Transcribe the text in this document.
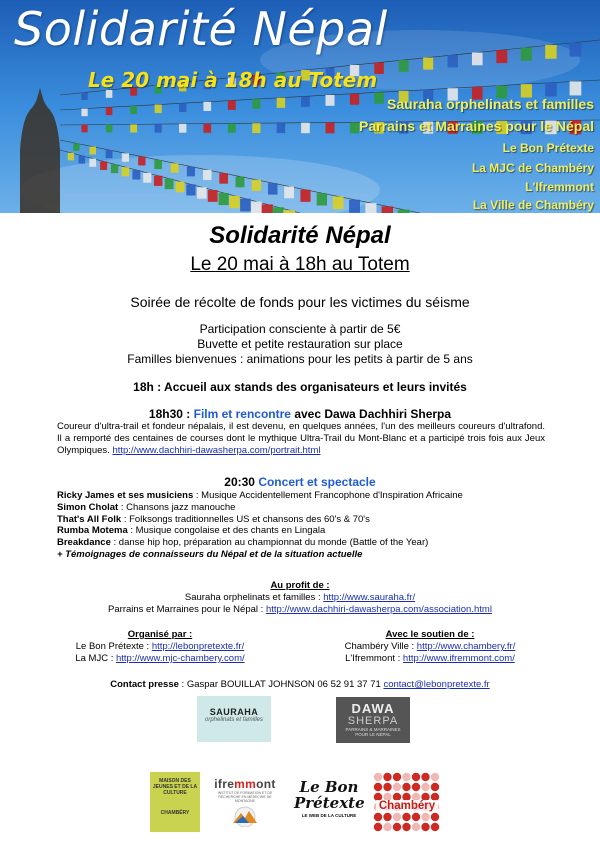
Solidarité Népal
Le 20 mai à 18h au Totem
Sauraha orphelinats et familles
Parrains et Marraines pour le Népal
Le Bon Prétexte
La MJC de Chambéry
L'Ifremmont
La Ville de Chambéry
Solidarité Népal
Le 20 mai à 18h au Totem
Soirée de récolte de fonds pour les victimes du séisme
Participation consciente à partir de 5€
Buvette et petite restauration sur place
Familles bienvenues : animations pour les petits à partir de 5 ans
18h : Accueil aux stands des organisateurs et leurs invités
18h30 : Film et rencontre avec Dawa Dachhiri Sherpa
Coureur d'ultra-trail et fondeur népalais, il est devenu, en quelques années, l'un des meilleurs coureurs d'ultrafond. Il a remporté des centaines de courses dont le mythique Ultra-Trail du Mont-Blanc et a participé trois fois aux Jeux Olympiques. http://www.dachhiri-dawasherpa.com/portrait.html
20:30 Concert et spectacle
Ricky James et ses musiciens : Musique Accidentellement Francophone d'Inspiration Africaine
Simon Cholat : Chansons jazz manouche
That's All Folk : Folksongs traditionnelles US et chansons des 60's & 70's
Rumba Motema : Musique congolaise et des chants en Lingala
Breakdance : danse hip hop, préparation au championnat du monde (Battle of the Year)
+ Témoignages de connaisseurs du Népal et de la situation actuelle
Au profit de :
Sauraha orphelinats et familles : http://www.sauraha.fr/
Parrains et Marraines pour le Népal : http://www.dachhiri-dawasherpa.com/association.html
Organisé par :
Le Bon Prétexte : http://lebonpretexte.fr/
La MJC : http://www.mjc-chambery.com/
Avec le soutien de :
Chambéry Ville : http://www.chambery.fr/
L'Ifremmont : http://www.ifremmont.com/
Contact presse : Gaspar BOUILLAT JOHNSON 06 52 91 37 71 contact@lebonpretexte.fr
SAURAHA
orphelinats et familles
DAWA
SHERPA
PARRAINS & MARRAINES
POUR LE NÉPAL
MAISON DES JEUNES ET DE LA CULTURE
CHAMBÉRY
ifremmont
INSTITUT DE FORMATION ET DE RECHERCHE EN MÉDECINE DE MONTAGNE
Le Bon
Prétexte
LE WEB DE LA CULTURE
Chambéry
